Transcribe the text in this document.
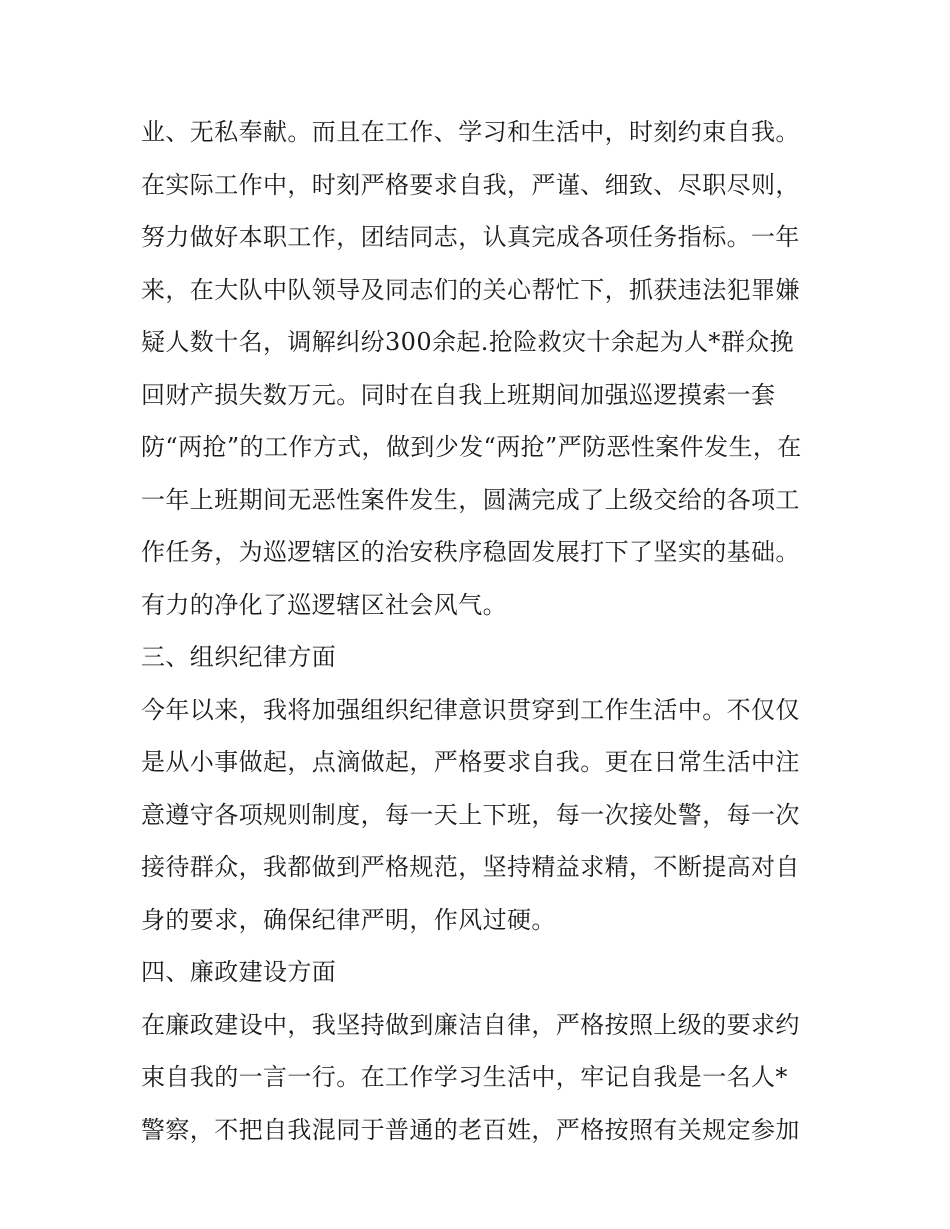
业、无私奉献。而且在工作、学习和生活中，时刻约束自我。
在实际工作中，时刻严格要求自我，严谨、细致、尽职尽则，
努力做好本职工作，团结同志，认真完成各项任务指标。一年
来，在大队中队领导及同志们的关心帮忙下，抓获违法犯罪嫌
疑人数十名，调解纠纷300余起.抢险救灾十余起为人*群众挽
回财产损失数万元。同时在自我上班期间加强巡逻摸索一套
防“两抢”的工作方式，做到少发“两抢”严防恶性案件发生，在
一年上班期间无恶性案件发生，圆满完成了上级交给的各项工
作任务，为巡逻辖区的治安秩序稳固发展打下了坚实的基础。
有力的净化了巡逻辖区社会风气。
三、组织纪律方面
今年以来，我将加强组织纪律意识贯穿到工作生活中。不仅仅
是从小事做起，点滴做起，严格要求自我。更在日常生活中注
意遵守各项规则制度，每一天上下班，每一次接处警，每一次
接待群众，我都做到严格规范，坚持精益求精，不断提高对自
身的要求，确保纪律严明，作风过硬。
四、廉政建设方面
在廉政建设中，我坚持做到廉洁自律，严格按照上级的要求约
束自我的一言一行。在工作学习生活中，牢记自我是一名人*
警察，不把自我混同于普通的老百姓，严格按照有关规定参加
